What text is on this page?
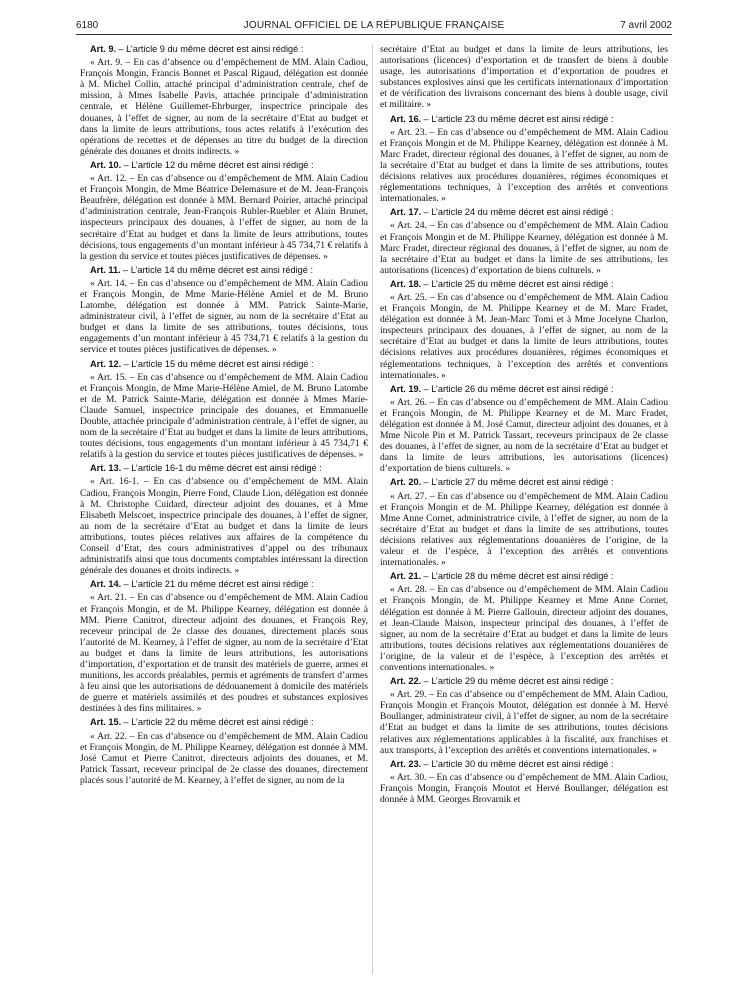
6180	JOURNAL OFFICIEL DE LA RÉPUBLIQUE FRANÇAISE	7 avril 2002

Art. 9. – L’article 9 du même décret est ainsi rédigé :

« Art. 9. – En cas d’absence ou d’empêchement de MM. Alain Cadiou, François Mongin, Francis Bonnet et Pascal Rigaud, délégation est donnée à M. Michel Collin, attaché principal d’administration centrale, chef de mission, à Mmes Isabelle Pavis, attachée principale d’administration centrale, et Hélène Guillemet-Ehrburger, inspectrice principale des douanes, à l’effet de signer, au nom de la secrétaire d’Etat au budget et dans la limite de leurs attributions, tous actes relatifs à l’exécution des opérations de recettes et de dépenses au titre du budget de la direction générale des douanes et droits indirects. »

Art. 10. – L’article 12 du même décret est ainsi rédigé :

« Art. 12. – En cas d’absence ou d’empêchement de MM. Alain Cadiou et François Mongin, de Mme Béatrice Delemasure et de M. Jean-François Beaufrère, délégation est donnée à MM. Bernard Poirier, attaché principal d’administration centrale, Jean-François Rubler-Ruebler et Alain Brunet, inspecteurs principaux des douanes, à l’effet de signer, au nom de la secrétaire d’Etat au budget et dans la limite de leurs attributions, toutes décisions, tous engagements d’un montant inférieur à 45 734,71 € relatifs à la gestion du service et toutes pièces justificatives de dépenses. »

Art. 11. – L’article 14 du même décret est ainsi rédigé :

« Art. 14. – En cas d’absence ou d’empêchement de MM. Alain Cadiou et François Mongin, de Mme Marie-Hélène Amiel et de M. Bruno Latombe, délégation est donnée à MM. Patrick Sainte-Marie, administrateur civil, à l’effet de signer, au nom de la secrétaire d’Etat au budget et dans la limite de ses attributions, toutes décisions, tous engagements d’un montant inférieur à 45 734,71 € relatifs à la gestion du service et toutes pièces justificatives de dépenses. »

Art. 12. – L’article 15 du même décret est ainsi rédigé :

« Art. 15. – En cas d’absence ou d’empêchement de MM. Alain Cadiou et François Mongin, de Mme Marie-Hélène Amiel, de M. Bruno Latombe et de M. Patrick Sainte-Marie, délégation est donnée à Mmes Marie-Claude Samuel, inspectrice principale des douanes, et Emmanuelle Double, attachée principale d’administration centrale, à l’effet de signer, au nom de la secrétaire d’Etat au budget et dans la limite de leurs attributions, toutes décisions, tous engagements d’un montant inférieur à 45 734,71 € relatifs à la gestion du service et toutes pièces justificatives de dépenses. »

Art. 13. – L’article 16-1 du même décret est ainsi rédigé :

« Art. 16-1. – En cas d’absence ou d’empêchement de MM. Alain Cadiou, François Mongin, Pierre Fond, Claude Lion, délégation est donnée à M. Christophe Cuidard, directeur adjoint des douanes, et à Mme Elisabeth Melscoet, inspectrice principale des douanes, à l’effet de signer, au nom de la secrétaire d’Etat au budget et dans la limite de leurs attributions, toutes pièces relatives aux affaires de la compétence du Conseil d’Etat, des cours administratives d’appel ou des tribunaux administratifs ainsi que tous documents comptables intéressant la direction générale des douanes et droits indirects. »

Art. 14. – L’article 21 du même décret est ainsi rédigé :

« Art. 21. – En cas d’absence ou d’empêchement de MM. Alain Cadiou et François Mongin, et de M. Philippe Kearney, délégation est donnée à MM. Pierre Canitrot, directeur adjoint des douanes, et François Rey, receveur principal de 2e classe des douanes, directement placés sous l’autorité de M. Kearney, à l’effet de signer, au nom de la secrétaire d’Etat au budget et dans la limite de leurs attributions, les autorisations d’importation, d’exportation et de transit des matériels de guerre, armes et munitions, les accords préalables, permis et agréments de transfert d’armes à feu ainsi que les autorisations de dédouanement à domicile des matériels de guerre et matériels assimilés et des poudres et substances explosives destinées à des fins militaires. »

Art. 15. – L’article 22 du même décret est ainsi rédigé :

« Art. 22. – En cas d’absence ou d’empêchement de MM. Alain Cadiou et François Mongin, de M. Philippe Kearney, délégation est donnée à MM. José Camut et Pierre Canitrot, directeurs adjoints des douanes, et M. Patrick Tassart, receveur principal de 2e classe des douanes, directement placés sous l’autorité de M. Kearney, à l’effet de signer, au nom de la

secrétaire d’Etat au budget et dans la limite de leurs attributions, les autorisations (licences) d’exportation et de transfert de biens à double usage, les autorisations d’importation et d’exportation de poudres et substances explosives ainsi que les certificats internationaux d’importation et de vérification des livraisons concernant des biens à double usage, civil et militaire. »

Art. 16. – L’article 23 du même décret est ainsi rédigé :

« Art. 23. – En cas d’absence ou d’empêchement de MM. Alain Cadiou et François Mongin et de M. Philippe Kearney, délégation est donnée à M. Marc Fradet, directeur régional des douanes, à l’effet de signer, au nom de la secrétaire d’Etat au budget et dans la limite de ses attributions, toutes décisions relatives aux procédures douanières, régimes économiques et réglementations techniques, à l’exception des arrêtés et conventions internationales. »

Art. 17. – L’article 24 du même décret est ainsi rédigé :

« Art. 24. – En cas d’absence ou d’empêchement de MM. Alain Cadiou et François Mongin et de M. Philippe Kearney, délégation est donnée à M. Marc Fradet, directeur régional des douanes, à l’effet de signer, au nom de la secrétaire d’Etat au budget et dans la limite de ses attributions, les autorisations (licences) d’exportation de biens culturels. »

Art. 18. – L’article 25 du même décret est ainsi rédigé :

« Art. 25. – En cas d’absence ou d’empêchement de MM. Alain Cadiou et François Mongin, de M. Philippe Kearney et de M. Marc Fradet, délégation est donnée à M. Jean-Marc Tomi et à Mme Jocelyne Charlon, inspecteurs principaux des douanes, à l’effet de signer, au nom de la secrétaire d’Etat au budget et dans la limite de leurs attributions, toutes décisions relatives aux procédures douanières, régimes économiques et réglementations techniques, à l’exception des arrêtés et conventions internationales. »

Art. 19. – L’article 26 du même décret est ainsi rédigé :

« Art. 26. – En cas d’absence ou d’empêchement de MM. Alain Cadiou et François Mongin, de M. Philippe Kearney et de M. Marc Fradet, délégation est donnée à M. José Camut, directeur adjoint des douanes, et à Mme Nicole Pin et M. Patrick Tassart, receveurs principaux de 2e classe des douanes, à l’effet de signer, au nom de la secrétaire d’Etat au budget et dans la limite de leurs attributions, les autorisations (licences) d’exportation de biens culturels. »

Art. 20. – L’article 27 du même décret est ainsi rédigé :

« Art. 27. – En cas d’absence ou d’empêchement de MM. Alain Cadiou et François Mongin et de M. Philippe Kearney, délégation est donnée à Mme Anne Cornet, administratrice civile, à l’effet de signer, au nom de la secrétaire d’Etat au budget et dans la limite de ses attributions, toutes décisions relatives aux réglementations douanières de l’origine, de la valeur et de l’espèce, à l’exception des arrêtés et conventions internationales. »

Art. 21. – L’article 28 du même décret est ainsi rédigé :

« Art. 28. – En cas d’absence ou d’empêchement de MM. Alain Cadiou et François Mongin, de M. Philippe Kearney et Mme Anne Cornet, délégation est donnée à M. Pierre Gallouin, directeur adjoint des douanes, et Jean-Claude Maison, inspecteur principal des douanes, à l’effet de signer, au nom de la secrétaire d’Etat au budget et dans la limite de leurs attributions, toutes décisions relatives aux réglementations douanières de l’origine, de la valeur et de l’espèce, à l’exception des arrêtés et conventions internationales. »

Art. 22. – L’article 29 du même décret est ainsi rédigé :

« Art. 29. – En cas d’absence ou d’empêchement de MM. Alain Cadiou, François Mongin et François Moutot, délégation est donnée à M. Hervé Boullanger, administrateur civil, à l’effet de signer, au nom de la secrétaire d’Etat au budget et dans la limite de ses attributions, toutes décisions relatives aux réglementations applicables à la fiscalité, aux franchises et aux transports, à l’exception des arrêtés et conventions internationales. »

Art. 23. – L’article 30 du même décret est ainsi rédigé :

« Art. 30. – En cas d’absence ou d’empêchement de MM. Alain Cadiou, François Mongin, François Moutot et Hervé Boullanger, délégation est donnée à MM. Georges Brovarnik et
